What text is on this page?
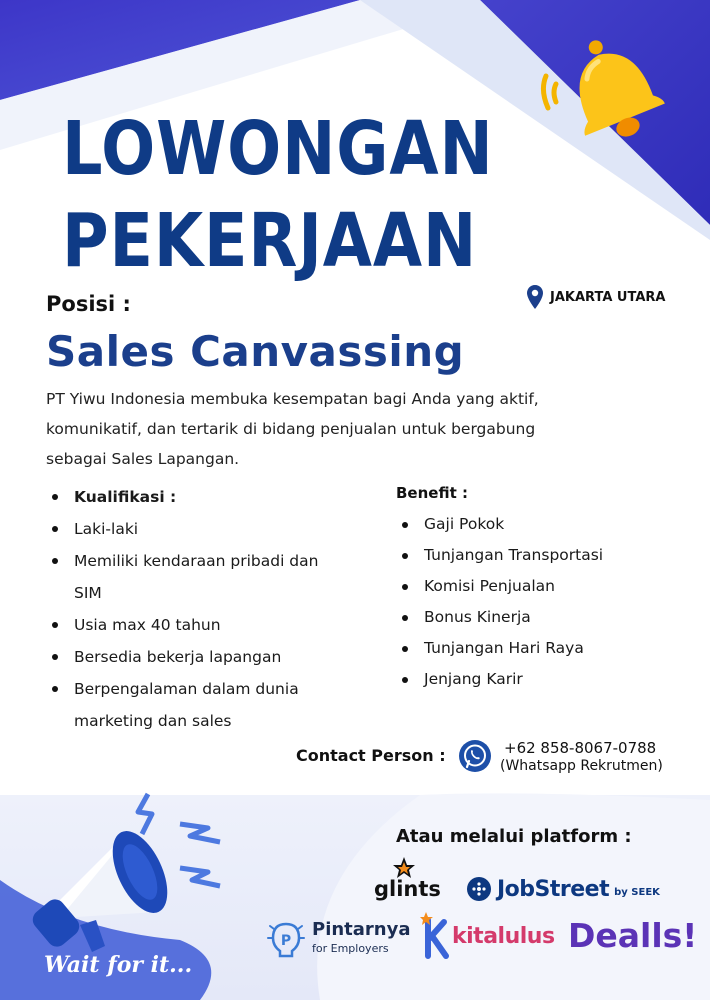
LOWONGAN
PEKERJAAN
JAKARTA UTARA
Posisi :
Sales Canvassing
PT Yiwu Indonesia membuka kesempatan bagi Anda yang aktif, komunikatif, dan tertarik di bidang penjualan untuk bergabung sebagai Sales Lapangan.
Kualifikasi :
Laki-laki
Memiliki kendaraan pribadi dan SIM
Usia max 40 tahun
Bersedia bekerja lapangan
Berpengalaman dalam dunia marketing dan sales
Benefit :
Gaji Pokok
Tunjangan Transportasi
Komisi Penjualan
Bonus Kinerja
Tunjangan Hari Raya
Jenjang Karir
Contact Person :	+62 858-8067-0788
(Whatsapp Rekrutmen)
Atau melalui platform :
glints	JobStreet by SEEK
P
Pintarnya
for Employers	kitalulus Dealls!
Wait for it...
